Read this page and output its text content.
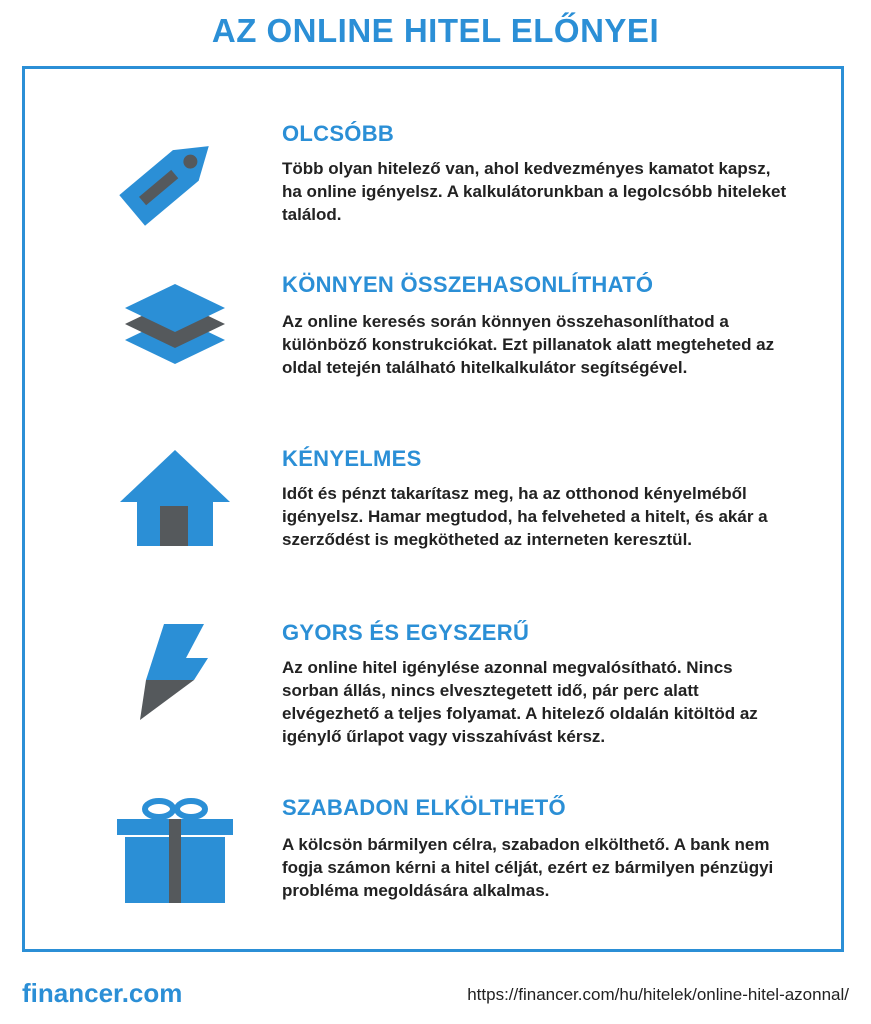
AZ ONLINE HITEL ELŐNYEI
OLCSÓBB
Több olyan hitelező van, ahol kedvezményes kamatot kapsz, ha online igényelsz. A kalkulátorunkban a legolcsóbb hiteleket találod.
KÖNNYEN ÖSSZEHASONLÍTHATÓ
Az online keresés során könnyen összehasonlíthatod a különböző konstrukciókat. Ezt pillanatok alatt megteheted az oldal tetején található hitelkalkulátor segítségével.
KÉNYELMES
Időt és pénzt takarítasz meg, ha az otthonod kényelméből igényelsz. Hamar megtudod, ha felveheted a hitelt, és akár a szerződést is megkötheted az interneten keresztül.
GYORS ÉS EGYSZERŰ
Az online hitel igénylése azonnal megvalósítható. Nincs sorban állás, nincs elvesztegetett idő, pár perc alatt elvégezhető a teljes folyamat. A hitelező oldalán kitöltöd az igénylő űrlapot vagy visszahívást kérsz.
SZABADON ELKÖLTHETŐ
A kölcsön bármilyen célra, szabadon elkölthető. A bank nem fogja számon kérni a hitel célját, ezért ez bármilyen pénzügyi probléma megoldására alkalmas.
financer.com	https://financer.com/hu/hitelek/online-hitel-azonnal/
